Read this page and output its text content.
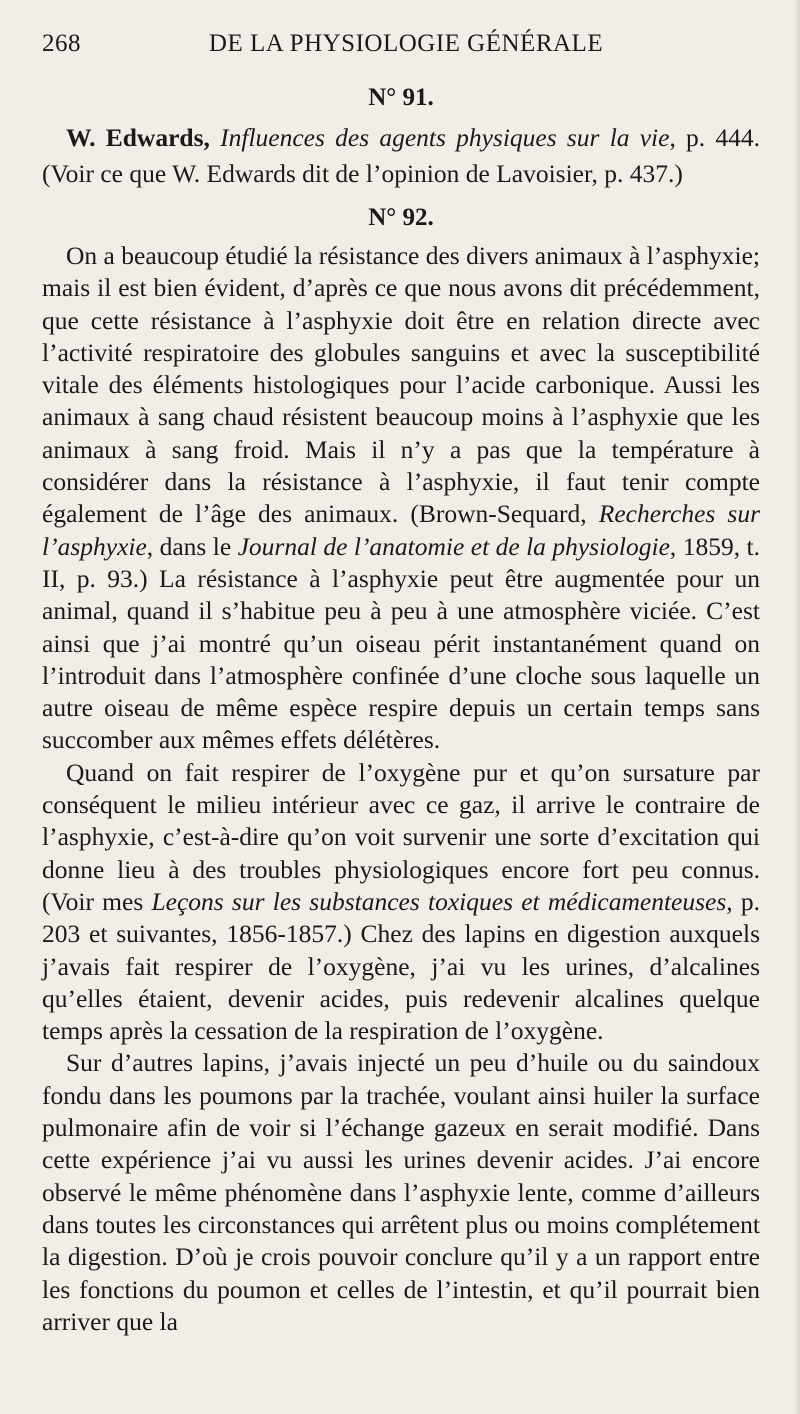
268	DE LA PHYSIOLOGIE GÉNÉRALE
N° 91.

W. Edwards, Influences des agents physiques sur la vie, p. 444. (Voir ce que W. Edwards dit de l’opinion de Lavoisier, p. 437.)

N° 92.

On a beaucoup étudié la résistance des divers animaux à l’asphyxie; mais il est bien évident, d’après ce que nous avons dit précédemment, que cette résistance à l’asphyxie doit être en relation directe avec l’activité respiratoire des globules sanguins et avec la susceptibilité vitale des éléments histologiques pour l’acide carbonique. Aussi les animaux à sang chaud résistent beaucoup moins à l’asphyxie que les animaux à sang froid. Mais il n’y a pas que la température à considérer dans la résistance à l’asphyxie, il faut tenir compte également de l’âge des animaux. (Brown-Sequard, Recherches sur l’asphyxie, dans le Journal de l’anatomie et de la physiologie, 1859, t. II, p. 93.) La résistance à l’asphyxie peut être augmentée pour un animal, quand il s’habitue peu à peu à une atmosphère viciée. C’est ainsi que j’ai montré qu’un oiseau périt instantanément quand on l’introduit dans l’atmosphère confinée d’une cloche sous laquelle un autre oiseau de même espèce respire depuis un certain temps sans succomber aux mêmes effets délétères.

Quand on fait respirer de l’oxygène pur et qu’on sursature par conséquent le milieu intérieur avec ce gaz, il arrive le contraire de l’asphyxie, c’est-à-dire qu’on voit survenir une sorte d’excitation qui donne lieu à des troubles physiologiques encore fort peu connus. (Voir mes Leçons sur les substances toxiques et médicamenteuses, p. 203 et suivantes, 1856-1857.) Chez des lapins en digestion auxquels j’avais fait respirer de l’oxygène, j’ai vu les urines, d’alcalines qu’elles étaient, devenir acides, puis redevenir alcalines quelque temps après la cessation de la respiration de l’oxygène.

Sur d’autres lapins, j’avais injecté un peu d’huile ou du saindoux fondu dans les poumons par la trachée, voulant ainsi huiler la surface pulmonaire afin de voir si l’échange gazeux en serait modifié. Dans cette expérience j’ai vu aussi les urines devenir acides. J’ai encore observé le même phénomène dans l’asphyxie lente, comme d’ailleurs dans toutes les circonstances qui arrêtent plus ou moins complétement la digestion. D’où je crois pouvoir conclure qu’il y a un rapport entre les fonctions du poumon et celles de l’intestin, et qu’il pourrait bien arriver que la
